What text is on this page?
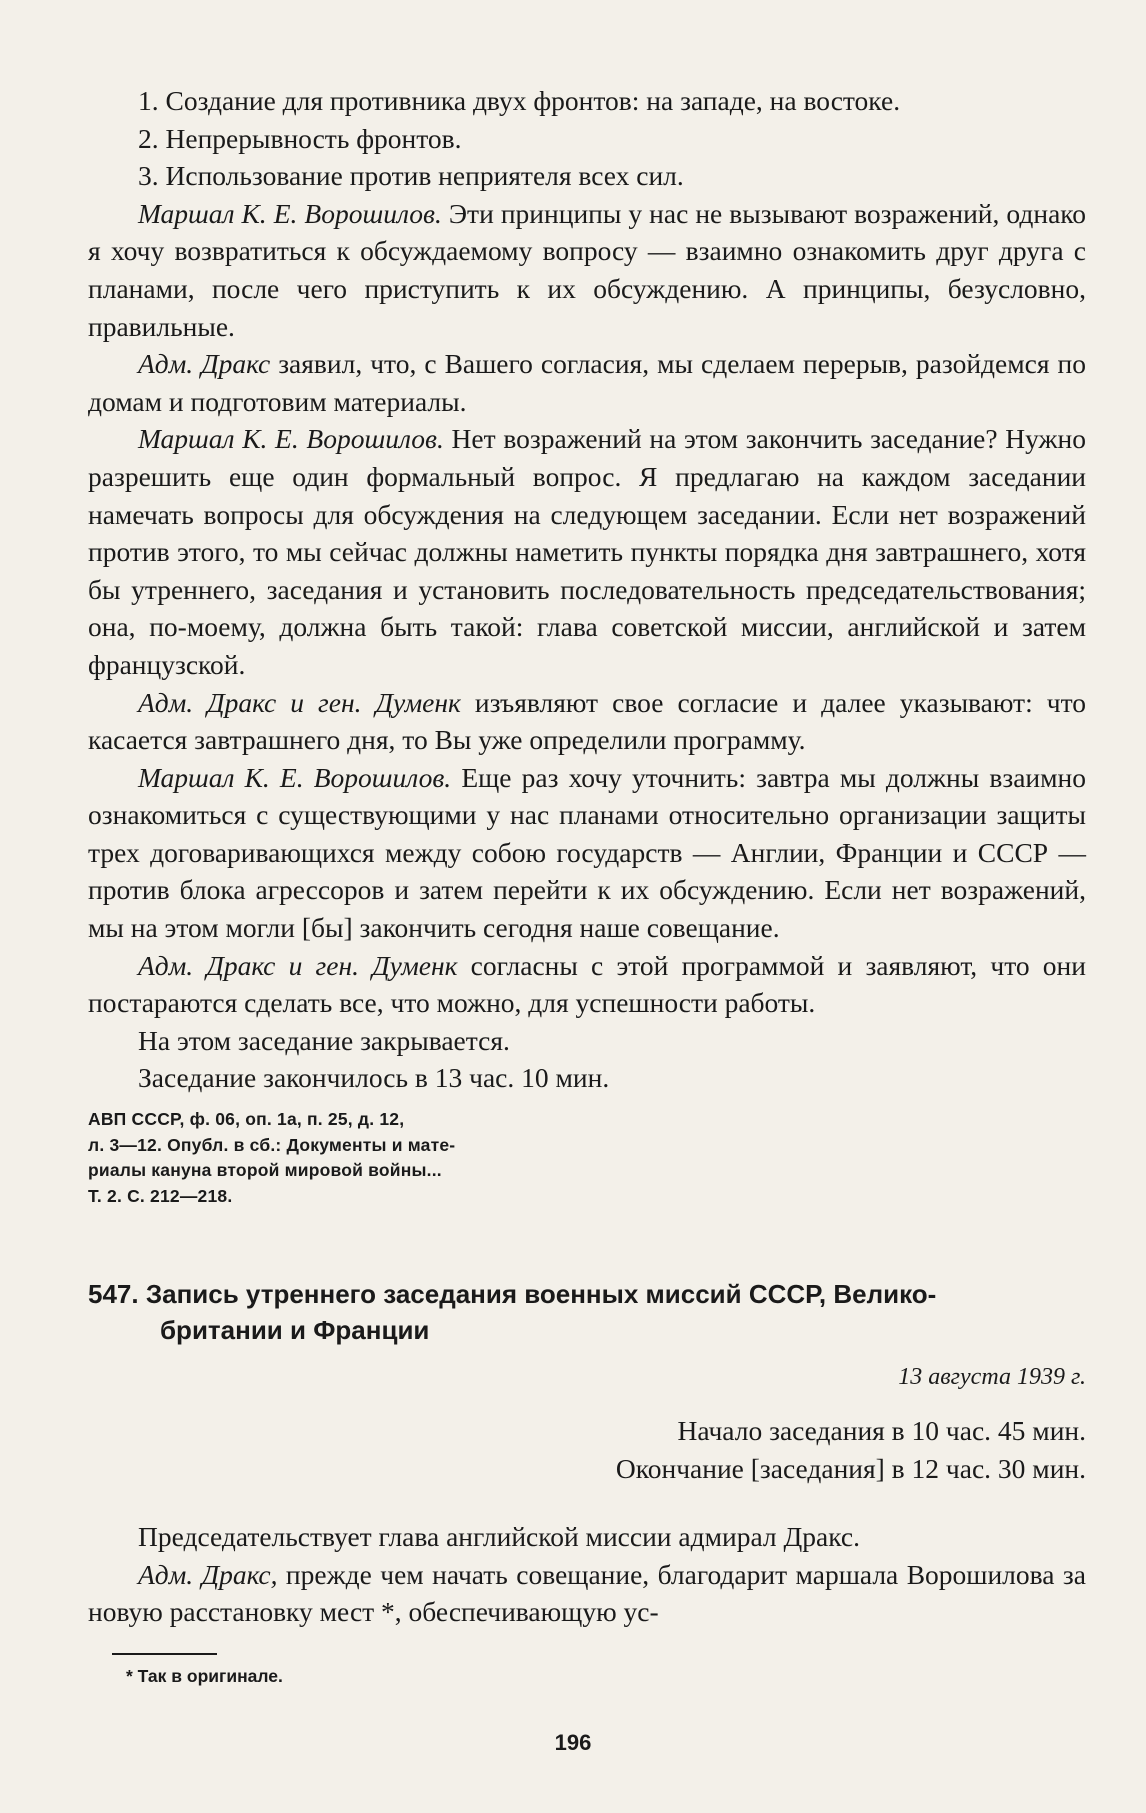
1. Создание для противника двух фронтов: на западе, на востоке.

2. Непрерывность фронтов.

3. Использование против неприятеля всех сил.

Маршал К. Е. Ворошилов. Эти принципы у нас не вызывают возражений, однако я хочу возвратиться к обсуждаемому вопросу — взаимно ознакомить друг друга с планами, после чего приступить к их обсуждению. А принципы, безусловно, правильные.

Адм. Дракс заявил, что, с Вашего согласия, мы сделаем перерыв, разойдемся по домам и подготовим материалы.

Маршал К. Е. Ворошилов. Нет возражений на этом закончить заседание? Нужно разрешить еще один формальный вопрос. Я предлагаю на каждом заседании намечать вопросы для обсуждения на следующем заседании. Если нет возражений против этого, то мы сейчас должны наметить пункты порядка дня завтрашнего, хотя бы утреннего, заседания и установить последовательность председательствования; она, по-моему, должна быть такой: глава советской миссии, английской и затем французской.

Адм. Дракс и ген. Думенк изъявляют свое согласие и далее указывают: что касается завтрашнего дня, то Вы уже определили программу.

Маршал К. Е. Ворошилов. Еще раз хочу уточнить: завтра мы должны взаимно ознакомиться с существующими у нас планами относительно организации защиты трех договаривающихся между собою государств — Англии, Франции и СССР — против блока агрессоров и затем перейти к их обсуждению. Если нет возражений, мы на этом могли [бы] закончить сегодня наше совещание.

Адм. Дракс и ген. Думенк согласны с этой программой и заявляют, что они постараются сделать все, что можно, для успешности работы.

На этом заседание закрывается.

Заседание закончилось в 13 час. 10 мин.

АВП СССР, ф. 06, оп. 1а, п. 25, д. 12,
л. 3—12. Опубл. в сб.: Документы и мате-
риалы кануна второй мировой войны...
Т. 2. С. 212—218.
547. Запись утреннего заседания военных миссий СССР, Велико-
британии и Франции
13 августа 1939 г.
Начало заседания в 10 час. 45 мин.
Окончание [заседания] в 12 час. 30 мин.

Председательствует глава английской миссии адмирал Дракс.

Адм. Дракс, прежде чем начать совещание, благодарит маршала Ворошилова за новую расстановку мест *, обеспечивающую ус-

* Так в оригинале.
196
